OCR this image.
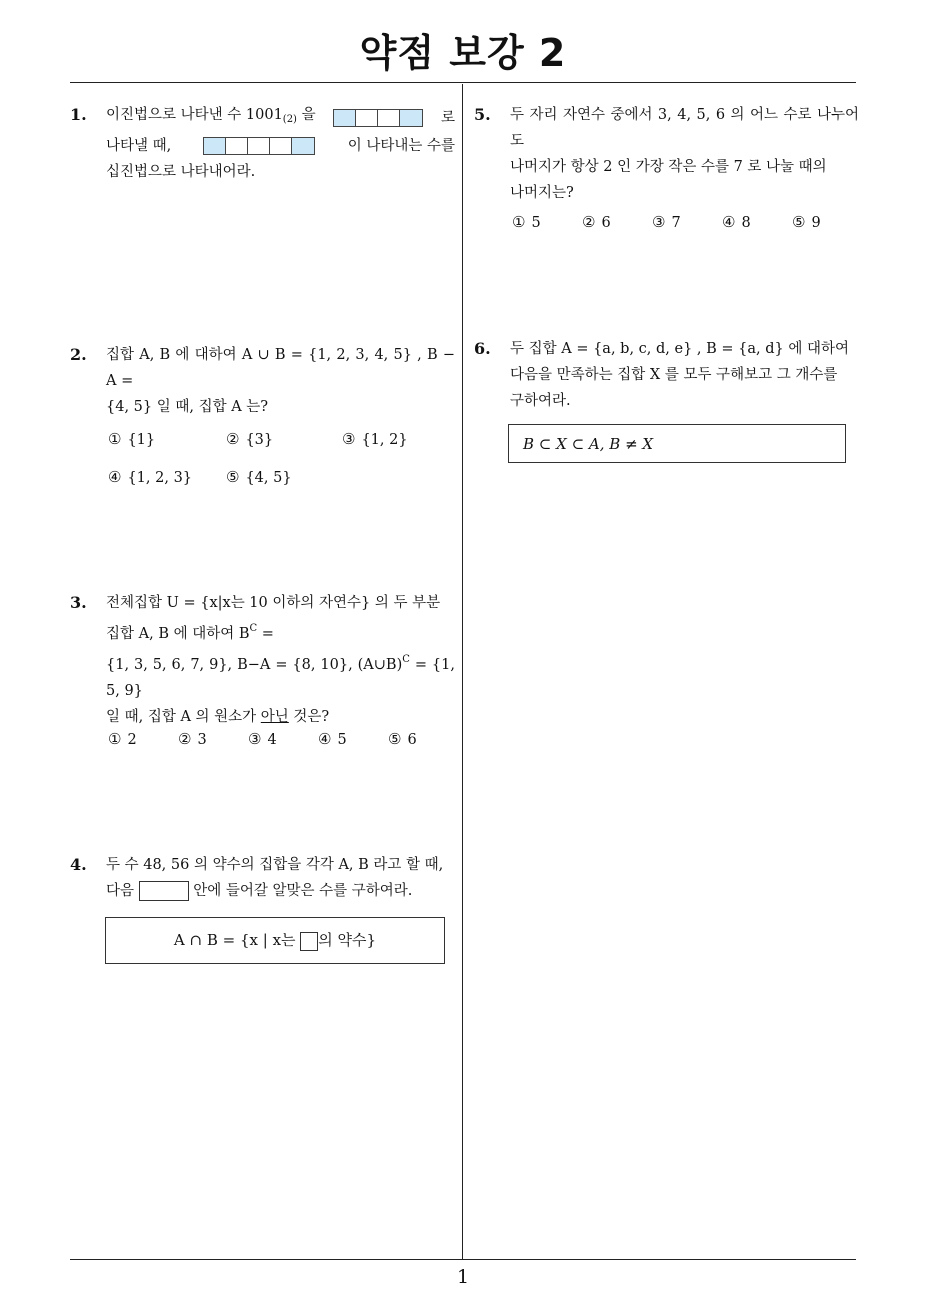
약점 보강 2
1
1. 이진법으로 나타낸 수 $1001_{(2)}$ 을	로
나타낼 때,	이 나타내는 수를
십진법으로 나타내어라.
2. 집합 A, B 에 대하여 A ∪ B = {1, 2, 3, 4, 5} , B − A =
{4, 5} 일 때, 집합 A 는?
① {1}	② {3}	③ {1, 2}
④ {1, 2, 3} ⑤ {4, 5}
3. 전체집합 U = {x|x는 10 이하의 자연수} 의 두 부분
집합 A, B 에 대하여 $B^C$ =
{1, 3, 5, 6, 7, 9}, B−A = {8, 10}, (A∪B)$^C$ = {1, 5, 9}
일 때, 집합 A 의 원소가 아닌 것은?
① 2	② 3	③ 4	④ 5	⑤ 6
4. 두 수 48, 56 의 약수의 집합을 각각 A, B 라고 할 때,
다음	안에 들어갈 알맞은 수를 구하여라.
A ∩ B = {x | x는 의 약수}
5. 두 자리 자연수 중에서 3, 4, 5, 6 의 어느 수로 나누어도
나머지가 항상 2 인 가장 작은 수를 7 로 나눌 때의
나머지는?
① 5	② 6	③ 7	④ 8	⑤ 9
6. 두 집합 A = {a, b, c, d, e} , B = {a, d} 에 대하여
다음을 만족하는 집합 X 를 모두 구해보고 그 개수를
구하여라.
B ⊂ X ⊂ A, B ≠ X
